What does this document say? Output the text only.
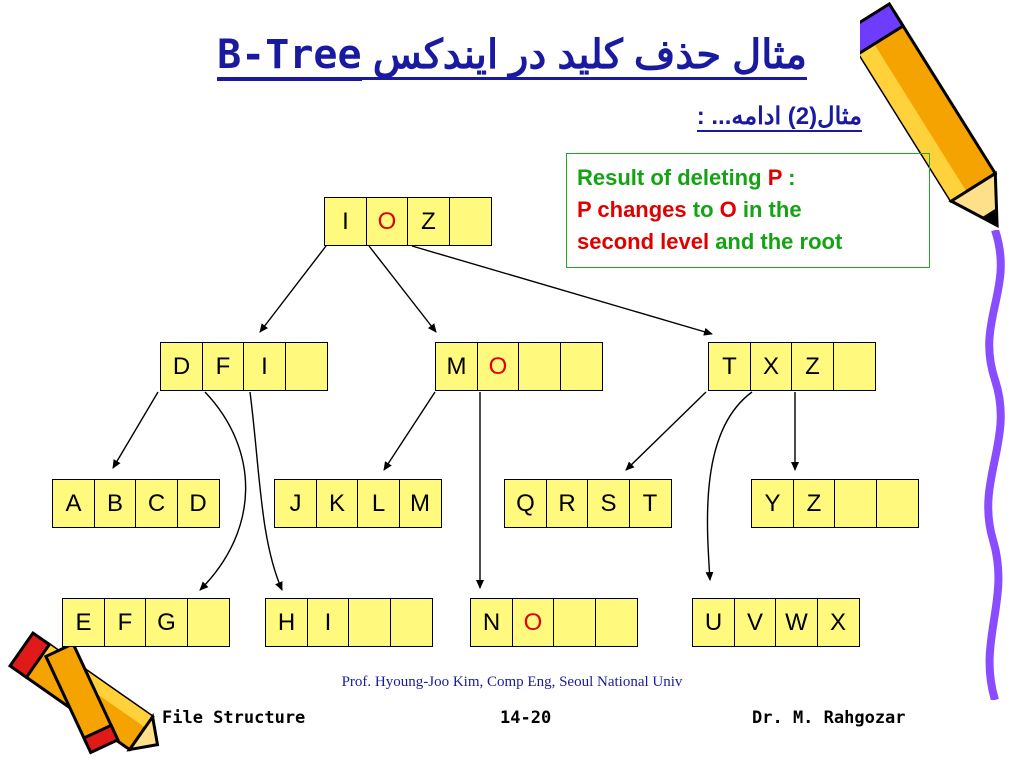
B-Tree مثال حذف کلید در ایندکس
مثال(2) ادامه... :
Result of deleting P :
P changes to O in the
second level and the root
I	O	Z
D	F	I	M O	T	X	Z
A	B	C	D	J	K	L	M	Q R	S	T	Y	Z
E	F	G	H	I	N O	U	V W X
Prof. Hyoung-Joo Kim, Comp Eng, Seoul National Univ
File Structure	14-20	Dr. M. Rahgozar
